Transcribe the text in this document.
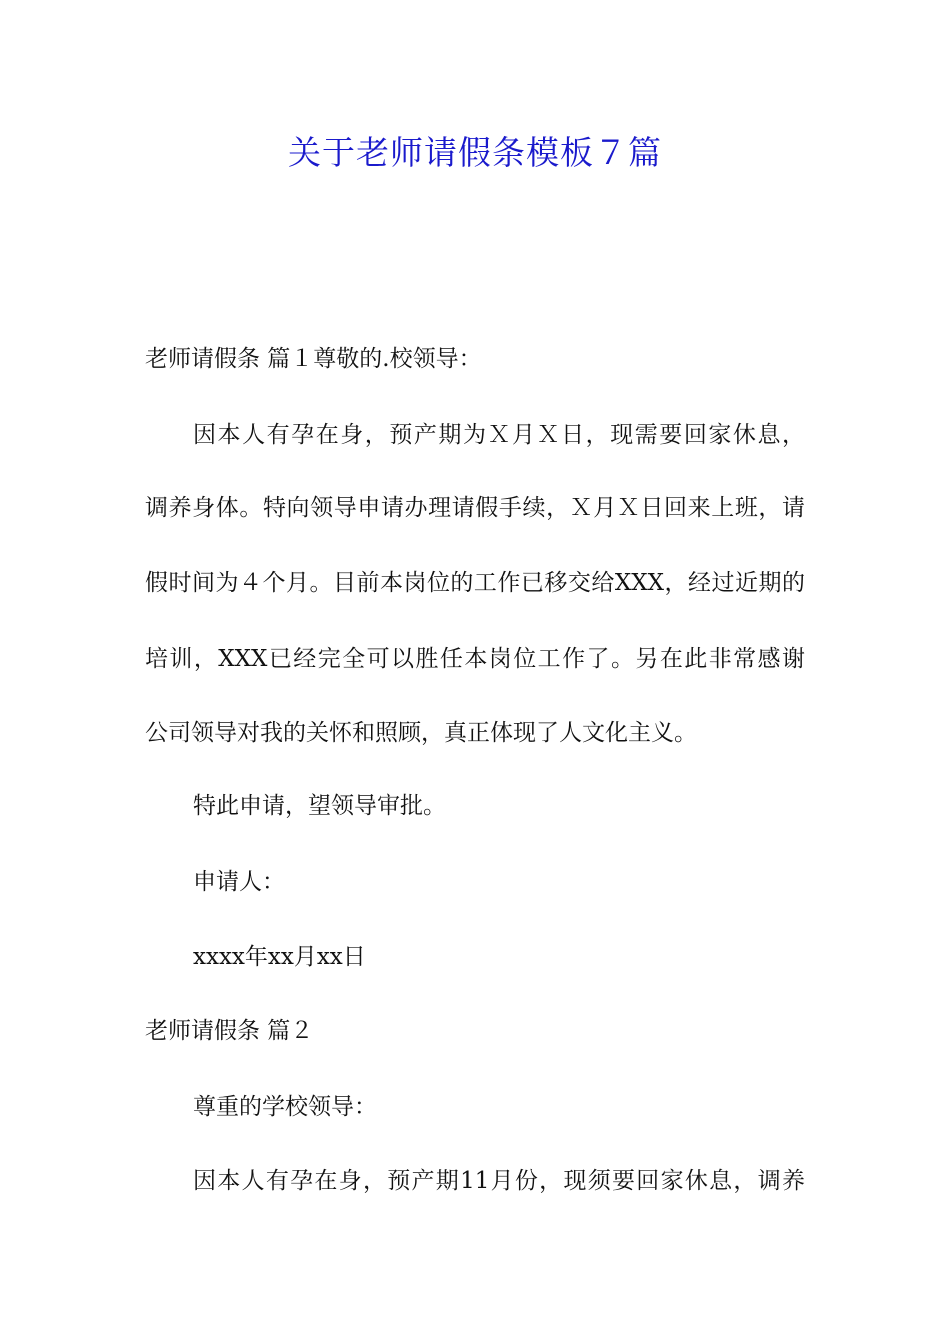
关于老师请假条模板７篇

老师请假条 篇１尊敬的.校领导：

因本人有孕在身，预产期为Ｘ月Ｘ日，现需要回家休息，

调养身体。特向领导申请办理请假手续，Ｘ月Ｘ日回来上班，请

假时间为４个月。目前本岗位的工作已移交给XXX，经过近期的

培训，XXX已经完全可以胜任本岗位工作了。另在此非常感谢

公司领导对我的关怀和照顾，真正体现了人文化主义。

特此申请，望领导审批。

申请人：

xxxx年xx月xx日

老师请假条 篇２

尊重的学校领导：

因本人有孕在身，预产期11月份，现须要回家休息，调养
